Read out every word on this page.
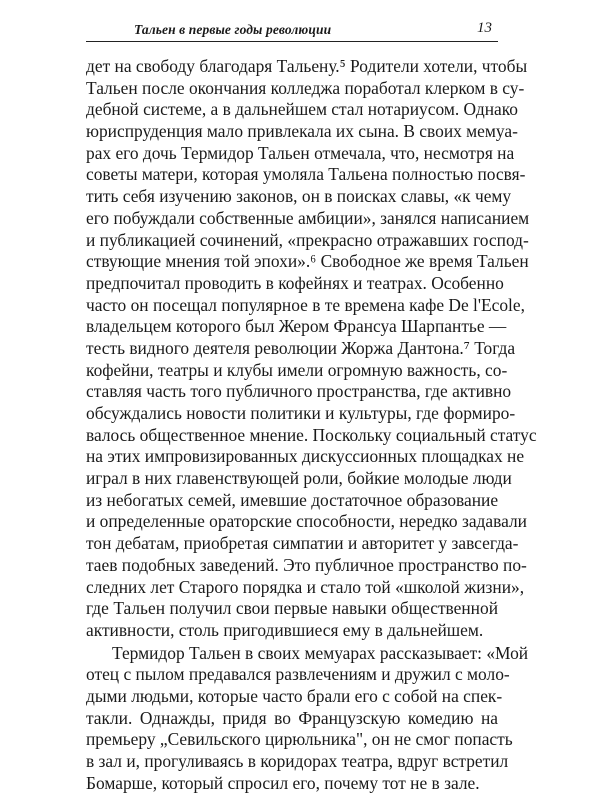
Тальен в первые годы революции	13
дет на свободу благодаря Тальену.⁵ Родители хотели, чтобы
Тальен после окончания колледжа поработал клерком в су-
дебной системе, а в дальнейшем стал нотариусом. Однако
юриспруденция мало привлекала их сына. В своих мемуа-
рах его дочь Термидор Тальен отмечала, что, несмотря на
советы матери, которая умоляла Тальена полностью посвя-
тить себя изучению законов, он в поисках славы, «к чему
его побуждали собственные амбиции», занялся написанием
и публикацией сочинений, «прекрасно отражавших господ-
ствующие мнения той эпохи».⁶ Свободное же время Тальен
предпочитал проводить в кофейнях и театрах. Особенно
часто он посещал популярное в те времена кафе De l'Ecole,
владельцем которого был Жером Франсуа Шарпантье —
тесть видного деятеля революции Жоржа Дантона.⁷ Тогда
кофейни, театры и клубы имели огромную важность, со-
ставляя часть того публичного пространства, где активно
обсуждались новости политики и культуры, где формиро-
валось общественное мнение. Поскольку социальный статус
на этих импровизированных дискуссионных площадках не
играл в них главенствующей роли, бойкие молодые люди
из небогатых семей, имевшие достаточное образование
и определенные ораторские способности, нередко задавали
тон дебатам, приобретая симпатии и авторитет у завсегда-
таев подобных заведений. Это публичное пространство по-
следних лет Старого порядка и стало той «школой жизни»,
где Тальен получил свои первые навыки общественной
активности, столь пригодившиеся ему в дальнейшем.
Термидор Тальен в своих мемуарах рассказывает: «Мой
отец с пылом предавался развлечениям и дружил с моло-
дыми людьми, которые часто брали его с собой на спек-
такли. Однажды, придя во Французскую комедию на
премьеру „Севильского цирюльника", он не смог попасть
в зал и, прогуливаясь в коридорах театра, вдруг встретил
Бомарше, который спросил его, почему тот не в зале.
